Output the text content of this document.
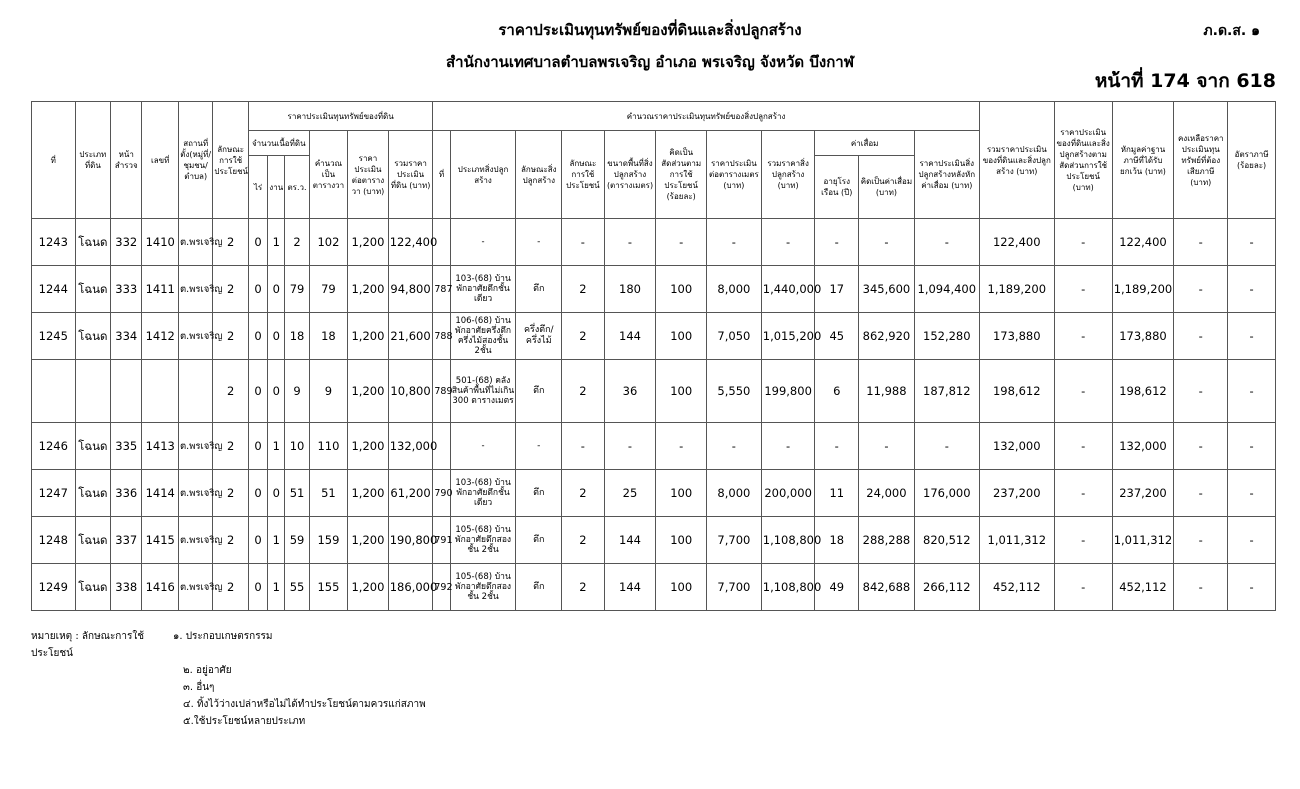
ราคาประเมินทุนทรัพย์ของที่ดินและสิ่งปลูกสร้าง
สำนักงานเทศบาลตำบลพรเจริญ อำเภอ พรเจริญ จังหวัด บึงกาฬ
ภ.ด.ส. ๑
หน้าที่ 174 จาก 618
ที่	ประเภทที่ดิน	หน้าสำรวจ	เลขที่	สถานที่ตั้ง(หมู่ที่/ชุมชน/ตำบล)	ลักษณะการใช้ประโยชน์	ราคาประเมินทุนทรัพย์ของที่ดิน						คำนวณราคาประเมินทุนทรัพย์ของสิ่งปลูกสร้าง											รวมราคาประเมินของที่ดินและสิ่งปลูกสร้าง (บาท)	ราคาประเมินของที่ดินและสิ่งปลูกสร้างตามสัดส่วนการใช้ประโยชน์ (บาท)	หักมูลค่าฐานภาษีที่ได้รับยกเว้น (บาท)	คงเหลือราคาประเมินทุนทรัพย์ที่ต้องเสียภาษี (บาท)	อัตราภาษี (ร้อยละ)
						จำนวนเนื้อที่ดิน			คำนวณเป็นตารางวา	ราคาประเมินต่อตารางวา (บาท)	รวมราคาประเมินที่ดิน (บาท)	ที่	ประเภทสิ่งปลูกสร้าง	ลักษณะสิ่งปลูกสร้าง	ลักษณะการใช้ประโยชน์	ขนาดพื้นที่สิ่งปลูกสร้าง (ตารางเมตร)	คิดเป็นสัดส่วนตามการใช้ประโยชน์ (ร้อยละ)	ราคาประเมินต่อตารางเมตร (บาท)	รวมราคาสิ่งปลูกสร้าง (บาท)	ค่าเสื่อม		ราคาประเมินสิ่งปลูกสร้างหลังหักค่าเสื่อม (บาท)					
						ไร่	งาน	ตร.ว.												อายุโรงเรือน (ปี)	คิดเป็นค่าเสื่อม (บาท)						
1243	โฉนด	332	1410	ต.พรเจริญ	2	0	1	2	102	1,200	122,400		-	-	-	-	-	-	-	-	-	-	122,400	-	122,400	-	-
1244	โฉนด	333	1411	ต.พรเจริญ	2	0	0	79	79	1,200	94,800	787	103-(68) บ้านพักอาศัยตึกชั้นเดียว	ตึก	2	180	100	8,000	1,440,000	17	345,600	1,094,400	1,189,200	-	1,189,200	-	-
1245	โฉนด	334	1412	ต.พรเจริญ	2	0	0	18	18	1,200	21,600	788	106-(68) บ้านพักอาศัยครึ่งตึกครึ่งไม้สองชั้น 2ชั้น	ครึ่งตึก/ครึ่งไม้	2	144	100	7,050	1,015,200	45	862,920	152,280	173,880	-	173,880	-	-
					2	0	0	9	9	1,200	10,800	789	501-(68) คลังสินค้าพื้นที่ไม่เกิน 300 ตารางเมตร	ตึก	2	36	100	5,550	199,800	6	11,988	187,812	198,612	-	198,612	-	-
1246	โฉนด	335	1413	ต.พรเจริญ	2	0	1	10	110	1,200	132,000		-	-	-	-	-	-	-	-	-	-	132,000	-	132,000	-	-
1247	โฉนด	336	1414	ต.พรเจริญ	2	0	0	51	51	1,200	61,200	790	103-(68) บ้านพักอาศัยตึกชั้นเดียว	ตึก	2	25	100	8,000	200,000	11	24,000	176,000	237,200	-	237,200	-	-
1248	โฉนด	337	1415	ต.พรเจริญ	2	0	1	59	159	1,200	190,800	791	105-(68) บ้านพักอาศัยตึกสองชั้น 2ชั้น	ตึก	2	144	100	7,700	1,108,800	18	288,288	820,512	1,011,312	-	1,011,312	-	-
1249	โฉนด	338	1416	ต.พรเจริญ	2	0	1	55	155	1,200	186,000	792	105-(68) บ้านพักอาศัยตึกสองชั้น 2ชั้น	ตึก	2	144	100	7,700	1,108,800	49	842,688	266,112	452,112	-	452,112	-	-
หมายเหตุ : ลักษณะการใช้ประโยชน์
๑. ประกอบเกษตรกรรม
๒. อยู่อาศัย
๓. อื่นๆ
๔. ทิ้งไว้ว่างเปล่าหรือไม่ได้ทำประโยชน์ตามควรแก่สภาพ
๕.ใช้ประโยชน์หลายประเภท
